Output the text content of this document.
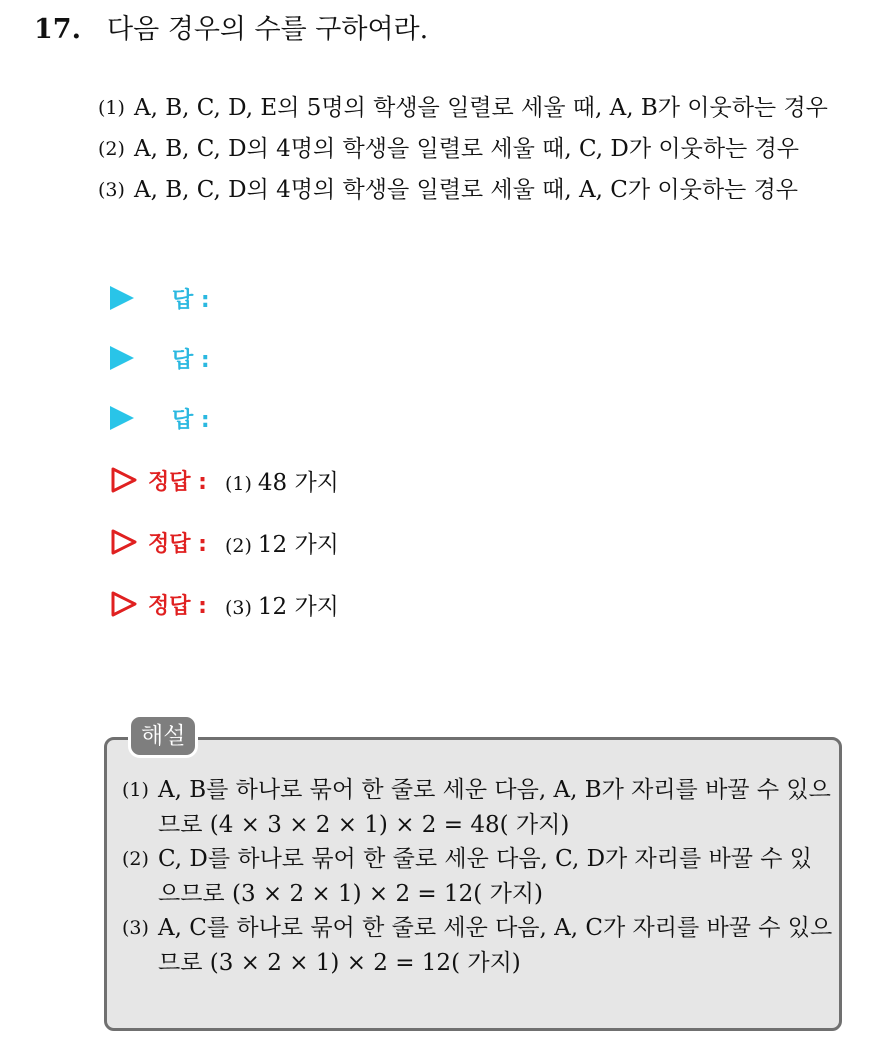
17. 다음 경우의 수를 구하여라.
(1) A, B, C, D, E의 5명의 학생을 일렬로 세울 때, A, B가 이웃하는 경우
(2) A, B, C, D의 4명의 학생을 일렬로 세울 때, C, D가 이웃하는 경우
(3) A, B, C, D의 4명의 학생을 일렬로 세울 때, A, C가 이웃하는 경우
답 :
답 :
답 :
정답 : (1) 48 가지
정답 : (2) 12 가지
정답 : (3) 12 가지
해설
(1) A, B를 하나로 묶어 한 줄로 세운 다음, A, B가 자리를 바꿀 수 있으므로 (4 × 3 × 2 × 1) × 2 = 48( 가지)
(2) C, D를 하나로 묶어 한 줄로 세운 다음, C, D가 자리를 바꿀 수 있으므로 (3 × 2 × 1) × 2 = 12( 가지)
(3) A, C를 하나로 묶어 한 줄로 세운 다음, A, C가 자리를 바꿀 수 있으므로 (3 × 2 × 1) × 2 = 12( 가지)
